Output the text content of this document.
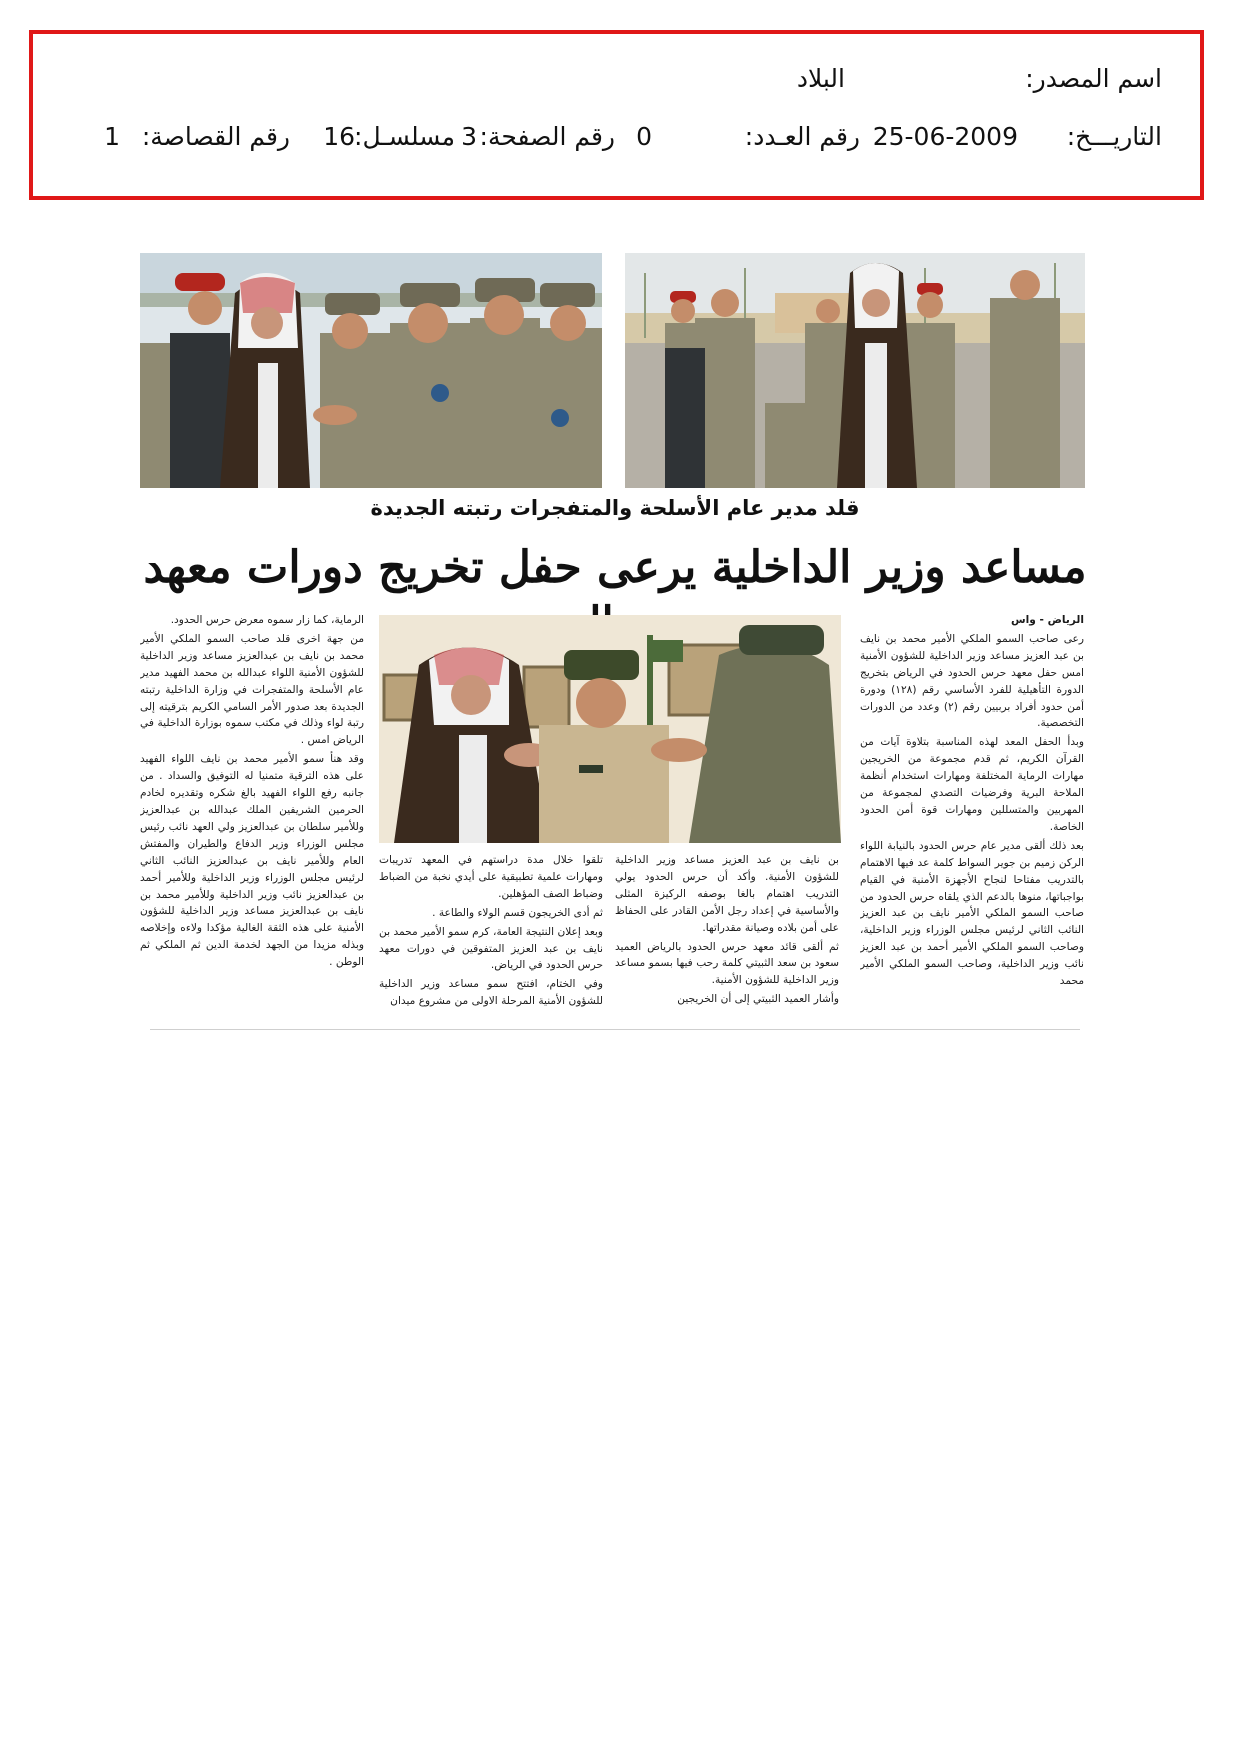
اسم المصدر:
البلاد
التاريـــخ:
25-06-2009
رقم العـدد:
0
رقم الصفحة:
3
مسلسـل:
16
رقم القصاصة:
1
قلد مدير عام الأسلحة والمتفجرات رتبته الجديدة
مساعد وزير الداخلية يرعى حفل تخريج دورات معهد

الرياض - واس

رعى صاحب السمو الملكي الأمير محمد بن نايف بن عبد العزيز مساعد وزير الداخلية للشؤون الأمنية امس حفل معهد حرس الحدود في الرياض بتخريج الدورة التأهيلية للفرد الأساسي رقم (١٢٨) ودورة أمن حدود أفراد بربيين رقم (٢) وعدد من الدورات التخصصية.

وبدأ الحفل المعد لهذه المناسبة بتلاوة آيات من القرآن الكريم، ثم قدم مجموعة من الخريجين مهارات الرماية المختلفة ومهارات استخدام أنظمة الملاحة البرية وفرضيات التصدي لمجموعة من المهربين والمتسللين ومهارات قوة أمن الحدود الخاصة.

بعد ذلك ألقى مدير عام حرس الحدود بالنيابة اللواء الركن زميم بن جوير السواط كلمة عد فيها الاهتمام بالتدريب مفتاحا لنجاح الأجهزة الأمنية في القيام بواجباتها، منوها بالدعم الذي يلقاه حرس الحدود من صاحب السمو الملكي الأمير نايف بن عبد العزيز النائب الثاني لرئيس مجلس الوزراء وزير الداخلية، وصاحب السمو الملكي الأمير أحمد بن عبد العزيز نائب وزير الداخلية، وصاحب السمو الملكي الأمير محمد

بن نايف بن عبد العزيز مساعد وزير الداخلية للشؤون الأمنية. وأكد أن حرس الحدود يولي التدريب اهتمام بالغا بوصفه الركيزة المثلى والأساسية في إعداد رجل الأمن القادر على الحفاظ على أمن بلاده وصيانة مقدراتها.

ثم ألقى قائد معهد حرس الحدود بالرياض العميد سعود بن سعد الثبيتي كلمة رحب فيها بسمو مساعد وزير الداخلية للشؤون الأمنية.

وأشار العميد الثبيتي إلى أن الخريجين

تلقوا خلال مدة دراستهم في المعهد تدريبات ومهارات علمية تطبيقية على أيدي نخبة من الضباط وضباط الصف المؤهلين.

ثم أدى الخريجون قسم الولاء والطاعة .

وبعد إعلان النتيجة العامة، كرم سمو الأمير محمد بن نايف بن عبد العزيز المتفوقين في دورات معهد حرس الحدود في الرياض.

وفي الختام، افتتح سمو مساعد وزير الداخلية للشؤون الأمنية المرحلة الاولى من مشروع ميدان

الرماية، كما زار سموه معرض حرس الحدود.

من جهة اخرى قلد صاحب السمو الملكي الأمير محمد بن نايف بن عبدالعزيز مساعد وزير الداخلية للشؤون الأمنية اللواء عبدالله بن محمد الفهيد مدير عام الأسلحة والمتفجرات في وزارة الداخلية رتبته الجديدة بعد صدور الأمر السامي الكريم بترقيته إلى رتبة لواء وذلك في مكتب سموه بوزارة الداخلية في الرياض امس .

وقد هنأ سمو الأمير محمد بن نايف اللواء الفهيد على هذه الترقية متمنيا له التوفيق والسداد . من جانبه رفع اللواء الفهيد بالغ شكره وتقديره لخادم الحرمين الشريفين الملك عبدالله بن عبدالعزيز وللأمير سلطان بن عبدالعزيز ولي العهد نائب رئيس مجلس الوزراء وزير الدفاع والطيران والمفتش العام وللأمير نايف بن عبدالعزيز النائب الثاني لرئيس مجلس الوزراء وزير الداخلية وللأمير أحمد بن عبدالعزيز نائب وزير الداخلية وللأمير محمد بن نايف بن عبدالعزيز مساعد وزير الداخلية للشؤون الأمنية على هذه الثقة الغالية مؤكدا ولاءه وإخلاصه وبذله مزيدا من الجهد لخدمة الدين ثم الملكي ثم الوطن .
